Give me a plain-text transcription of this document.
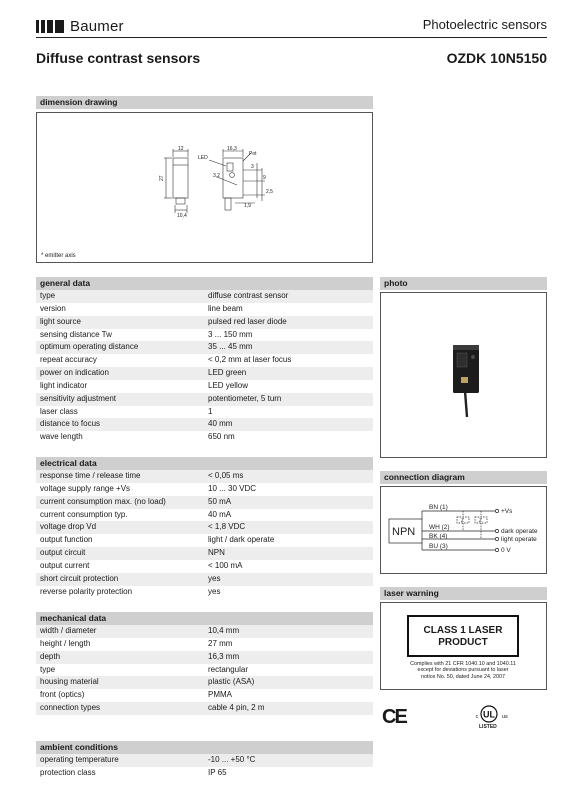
Baumer	Photoelectric sensors
Diffuse contrast sensors	OZDK 10N5150
dimension drawing
12	16,3
Pot
LED
27
3
3,2
10,4
1,9
2,5
9
* emitter axis
general data
type	diffuse contrast sensor
version	line beam
light source	pulsed red laser diode
sensing distance Tw	3 ... 150 mm
optimum operating distance	35 ... 45 mm
repeat accuracy	< 0,2 mm at laser focus
power on indication	LED green
light indicator	LED yellow
sensitivity adjustment	potentiometer, 5 turn
laser class	1
distance to focus	40 mm
wave length	650 nm
electrical data
response time / release time	< 0,05 ms
voltage supply range +Vs	10 ... 30 VDC
current consumption max. (no load)	50 mA
current consumption typ.	40 mA
voltage drop Vd	< 1,8 VDC
output function	light / dark operate
output circuit	NPN
output current	< 100 mA
short circuit protection	yes
reverse polarity protection	yes
mechanical data
width / diameter	10,4 mm
height / length	27 mm
depth	16,3 mm
type	rectangular
housing material	plastic (ASA)
front (optics)	PMMA
connection types	cable 4 pin, 2 m
ambient conditions
operating temperature	-10 ... +50 °C
protection class	IP 65
photo
connection diagram
NPN
BN (1)
WH (2)
BK (4)
BU (3)
+Vs
dark operate
light operate
0 V
Z	Z
laser warning
CLASS 1 LASER
PRODUCT
Complies with 21 CFR 1040.10 and 1040.11
except for deviations pursuant to laser
notice No. 50, dated June 24, 2007
CE	UL
c	us
LISTED
